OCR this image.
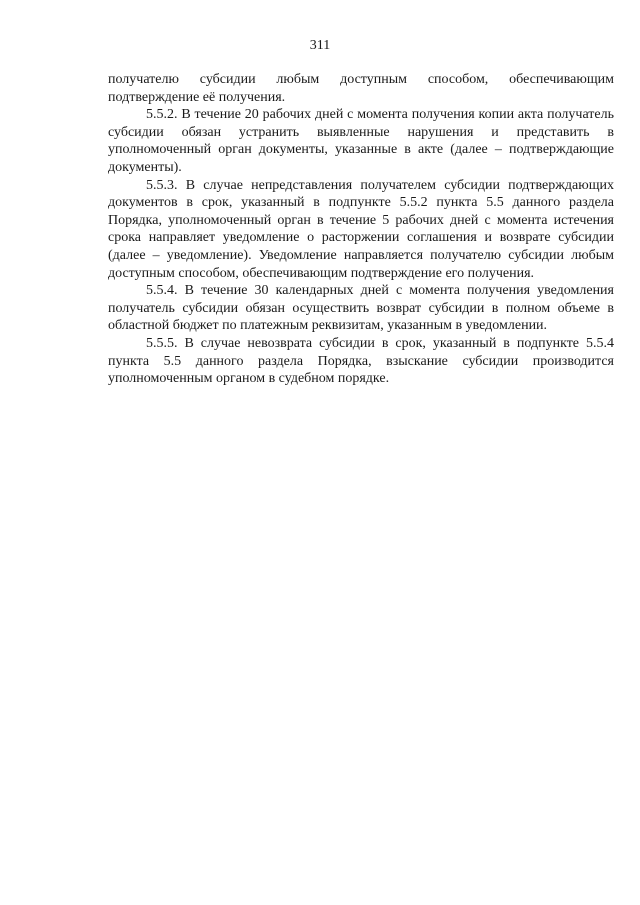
311

получателю субсидии любым доступным способом, обеспечивающим подтверждение её получения.

5.5.2. В течение 20 рабочих дней с момента получения копии акта получатель субсидии обязан устранить выявленные нарушения и представить в уполномоченный орган документы, указанные в акте (далее – подтверждающие документы).

5.5.3. В случае непредставления получателем субсидии подтверждающих документов в срок, указанный в подпункте 5.5.2 пункта 5.5 данного раздела Порядка, уполномоченный орган в течение 5 рабочих дней с момента истечения срока направляет уведомление о расторжении соглашения и возврате субсидии (далее – уведомление). Уведомление направляется получателю субсидии любым доступным способом, обеспечивающим подтверждение его получения.

5.5.4. В течение 30 календарных дней с момента получения уведомления получатель субсидии обязан осуществить возврат субсидии в полном объеме в областной бюджет по платежным реквизитам, указанным в уведомлении.

5.5.5. В случае невозврата субсидии в срок, указанный в подпункте 5.5.4 пункта 5.5 данного раздела Порядка, взыскание субсидии производится уполномоченным органом в судебном порядке.
